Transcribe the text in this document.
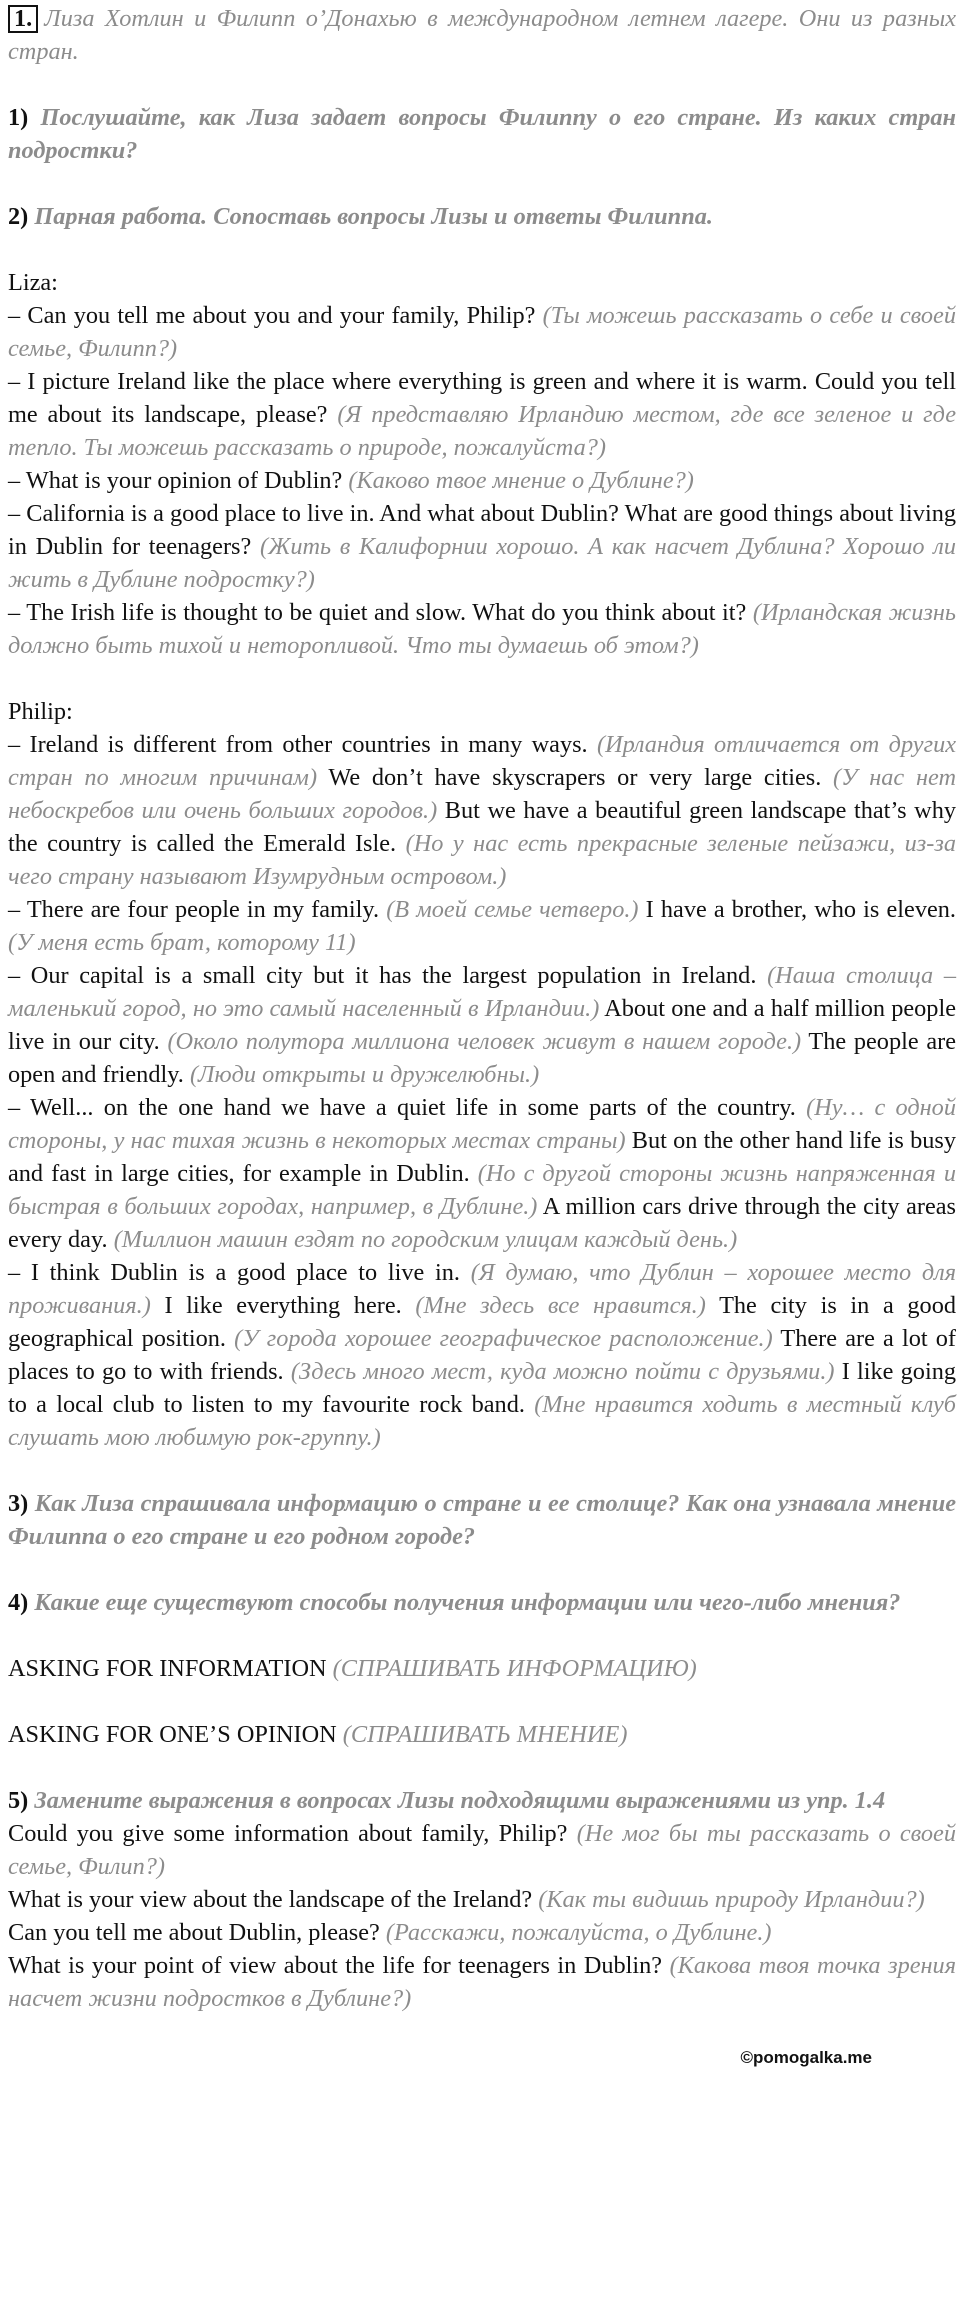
1. Лиза Хотлин и Филипп о’Донахью в международном летнем лагере. Они из разных стран.

1) Послушайте, как Лиза задает вопросы Филиппу о его стране. Из каких стран подростки?

2) Парная работа. Сопоставь вопросы Лизы и ответы Филиппа.

Liza:

– Can you tell me about you and your family, Philip? (Ты можешь рассказать о себе и своей семье, Филипп?)

– I picture Ireland like the place where everything is green and where it is warm. Could you tell me about its landscape, please? (Я представляю Ирландию местом, где все зеленое и где тепло. Ты можешь рассказать о природе, пожалуйста?)

– What is your opinion of Dublin? (Каково твое мнение о Дублине?)

– California is a good place to live in. And what about Dublin? What are good things about living in Dublin for teenagers? (Жить в Калифорнии хорошо. А как насчет Дублина? Хорошо ли жить в Дублине подростку?)

– The Irish life is thought to be quiet and slow. What do you think about it? (Ирландская жизнь должно быть тихой и неторопливой. Что ты думаешь об этом?)

Philip:

– Ireland is different from other countries in many ways. (Ирландия отличается от других стран по многим причинам) We don’t have skyscrapers or very large cities. (У нас нет небоскребов или очень больших городов.) But we have a beautiful green landscape that’s why the country is called the Emerald Isle. (Но у нас есть прекрасные зеленые пейзажи, из-за чего страну называют Изумрудным островом.)

– There are four people in my family. (В моей семье четверо.) I have a brother, who is eleven. (У меня есть брат, которому 11)

– Our capital is a small city but it has the largest population in Ireland. (Наша столица – маленький город, но это самый населенный в Ирландии.) About one and a half million people live in our city. (Около полутора миллиона человек живут в нашем городе.) The people are open and friendly. (Люди открыты и дружелюбны.)

– Well... on the one hand we have a quiet life in some parts of the country. (Ну… с одной стороны, у нас тихая жизнь в некоторых местах страны) But on the other hand life is busy and fast in large cities, for example in Dublin. (Но с другой стороны жизнь напряженная и быстрая в больших городах, например, в Дублине.) A million cars drive through the city areas every day. (Миллион машин ездят по городским улицам каждый день.)

– I think Dublin is a good place to live in. (Я думаю, что Дублин – хорошее место для проживания.) I like everything here. (Мне здесь все нравится.) The city is in a good geographical position. (У города хорошее географическое расположение.) There are a lot of places to go to with friends. (Здесь много мест, куда можно пойти с друзьями.) I like going to a local club to listen to my favourite rock band. (Мне нравится ходить в местный клуб слушать мою любимую рок-группу.)

3) Как Лиза спрашивала информацию о стране и ее столице? Как она узнавала мнение Филиппа о его стране и его родном городе?

4) Какие еще существуют способы получения информации или чего-либо мнения?

ASKING FOR INFORMATION (СПРАШИВАТЬ ИНФОРМАЦИЮ)

ASKING FOR ONE’S OPINION (СПРАШИВАТЬ МНЕНИЕ)

5) Замените выражения в вопросах Лизы подходящими выражениями из упр. 1.4

Could you give some information about family, Philip? (Не мог бы ты рассказать о своей семье, Филип?)

What is your view about the landscape of the Ireland? (Как ты видишь природу Ирландии?)

Can you tell me about Dublin, please? (Расскажи, пожалуйста, о Дублине.)

What is your point of view about the life for teenagers in Dublin? (Какова твоя точка зрения насчет жизни подростков в Дублине?)

©pomogalka.me
